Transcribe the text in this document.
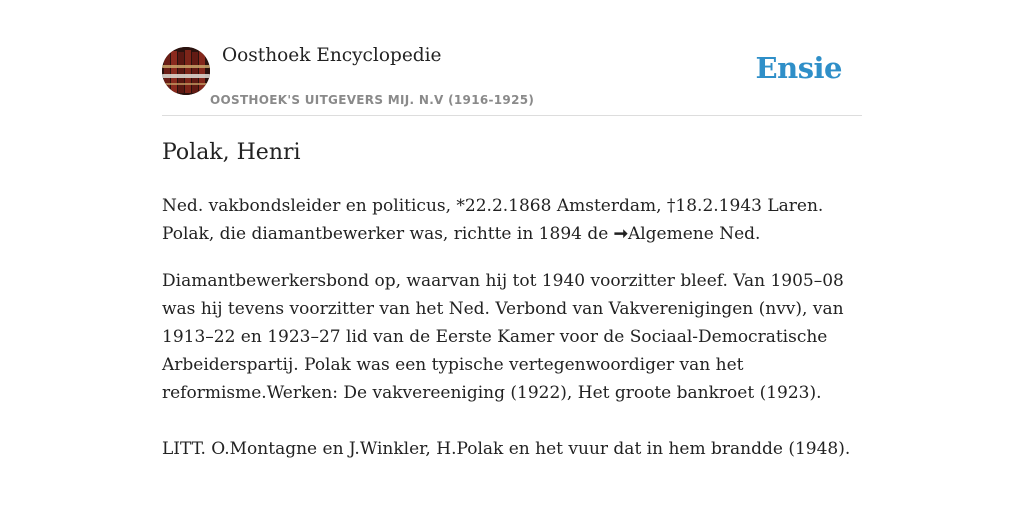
Oosthoek Encyclopedie
OOSTHOEK'S UITGEVERS MIJ. N.V (1916-1925)
Ensie
Polak, Henri

Ned. vakbondsleider en politicus, *22.2.1868 Amsterdam, †18.2.1943 Laren. Polak, die diamantbewerker was, richtte in 1894 de ➞Algemene Ned.

Diamantbewerkersbond op, waarvan hij tot 1940 voorzitter bleef. Van 1905–08 was hij tevens voorzitter van het Ned. Verbond van Vakverenigingen (nvv), van 1913–22 en 1923–27 lid van de Eerste Kamer voor de Sociaal-Democratische Arbeiderspartij. Polak was een typische vertegenwoordiger van het reformisme.Werken: De vakvereeniging (1922), Het groote bankroet (1923).

LITT. O.Montagne en J.Winkler, H.Polak en het vuur dat in hem brandde (1948).
